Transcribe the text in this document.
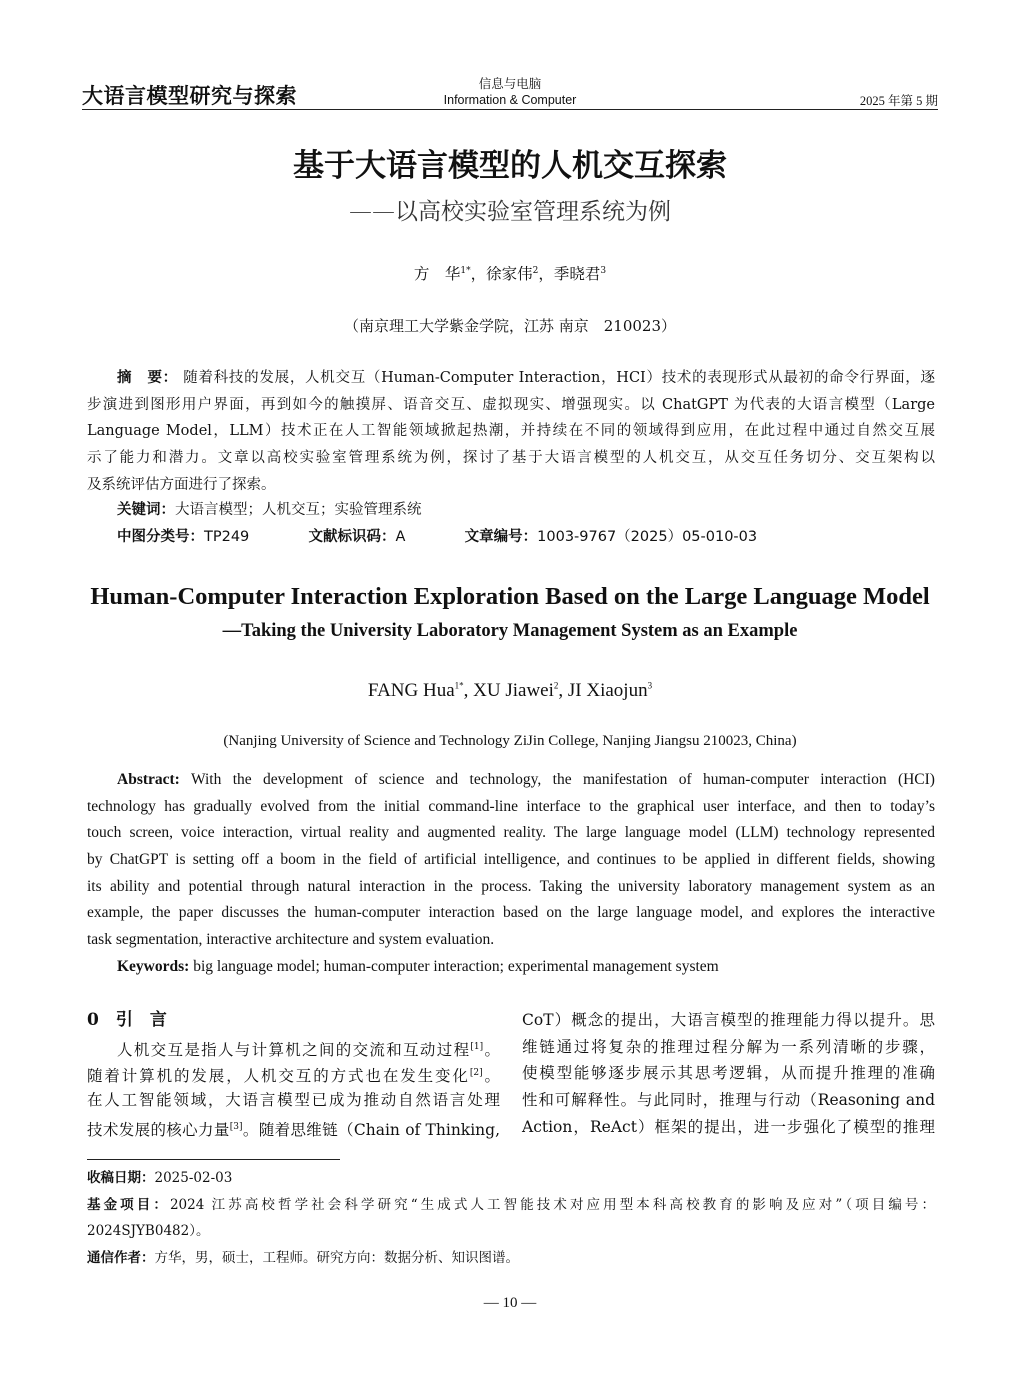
大语言模型研究与探索	信息与电脑
Information & Computer	2025 年第 5 期
基于大语言模型的人机交互探索
——以高校实验室管理系统为例
方　华$^{1*}$，徐家伟$^2$，季晓君$^3$
（南京理工大学紫金学院，江苏 南京　210023）
摘　要： 随着科技的发展，人机交互（Human-Computer Interaction，HCI）技术的表现形式从最初的命令行界面，逐
步演进到图形用户界面，再到如今的触摸屏、语音交互、虚拟现实、增强现实。以 ChatGPT 为代表的大语言模型（Large
Language Model，LLM）技术正在人工智能领域掀起热潮，并持续在不同的领域得到应用，在此过程中通过自然交互展
示了能力和潜力。文章以高校实验室管理系统为例，探讨了基于大语言模型的人机交互，从交互任务切分、交互架构以
及系统评估方面进行了探索。
关键词：大语言模型；人机交互；实验管理系统
中图分类号：TP249	文献标识码：A	文章编号：1003-9767（2025）05-010-03
Human-Computer Interaction Exploration Based on the Large Language Model
—Taking the University Laboratory Management System as an Example
FANG Hua$^{1*}$, XU Jiawei$^2$, JI Xiaojun$^3$
(Nanjing University of Science and Technology ZiJin College, Nanjing Jiangsu 210023, China)
Abstract: With the development of science and technology, the manifestation of human-computer interaction (HCI)
technology has gradually evolved from the initial command-line interface to the graphical user interface, and then to today’s
touch screen, voice interaction, virtual reality and augmented reality. The large language model (LLM) technology represented
by ChatGPT is setting off a boom in the field of artificial intelligence, and continues to be applied in different fields, showing
its ability and potential through natural interaction in the process. Taking the university laboratory management system as an
example, the paper discusses the human-computer interaction based on the large language model, and explores the interactive
task segmentation, interactive architecture and system evaluation.
Keywords: big language model; human-computer interaction; experimental management system
0　引　言
人机交互是指人与计算机之间的交流和互动过程[1]。
随着计算机的发展，人机交互的方式也在发生变化[2]。
在人工智能领域，大语言模型已成为推动自然语言处理
技术发展的核心力量[3]。随着思维链（Chain of Thinking,
CoT）概念的提出，大语言模型的推理能力得以提升。思
维链通过将复杂的推理过程分解为一系列清晰的步骤，
使模型能够逐步展示其思考逻辑，从而提升推理的准确
性和可解释性。与此同时，推理与行动（Reasoning and
Action，ReAct）框架的提出，进一步强化了模型的推理
收稿日期：2025-02-03
基金项目：2024 江苏高校哲学社会科学研究“生成式人工智能技术对应用型本科高校教育的影响及应对”（项目编号：
2024SJYB0482）。
通信作者：方华，男，硕士，工程师。研究方向：数据分析、知识图谱。
— 10 —
